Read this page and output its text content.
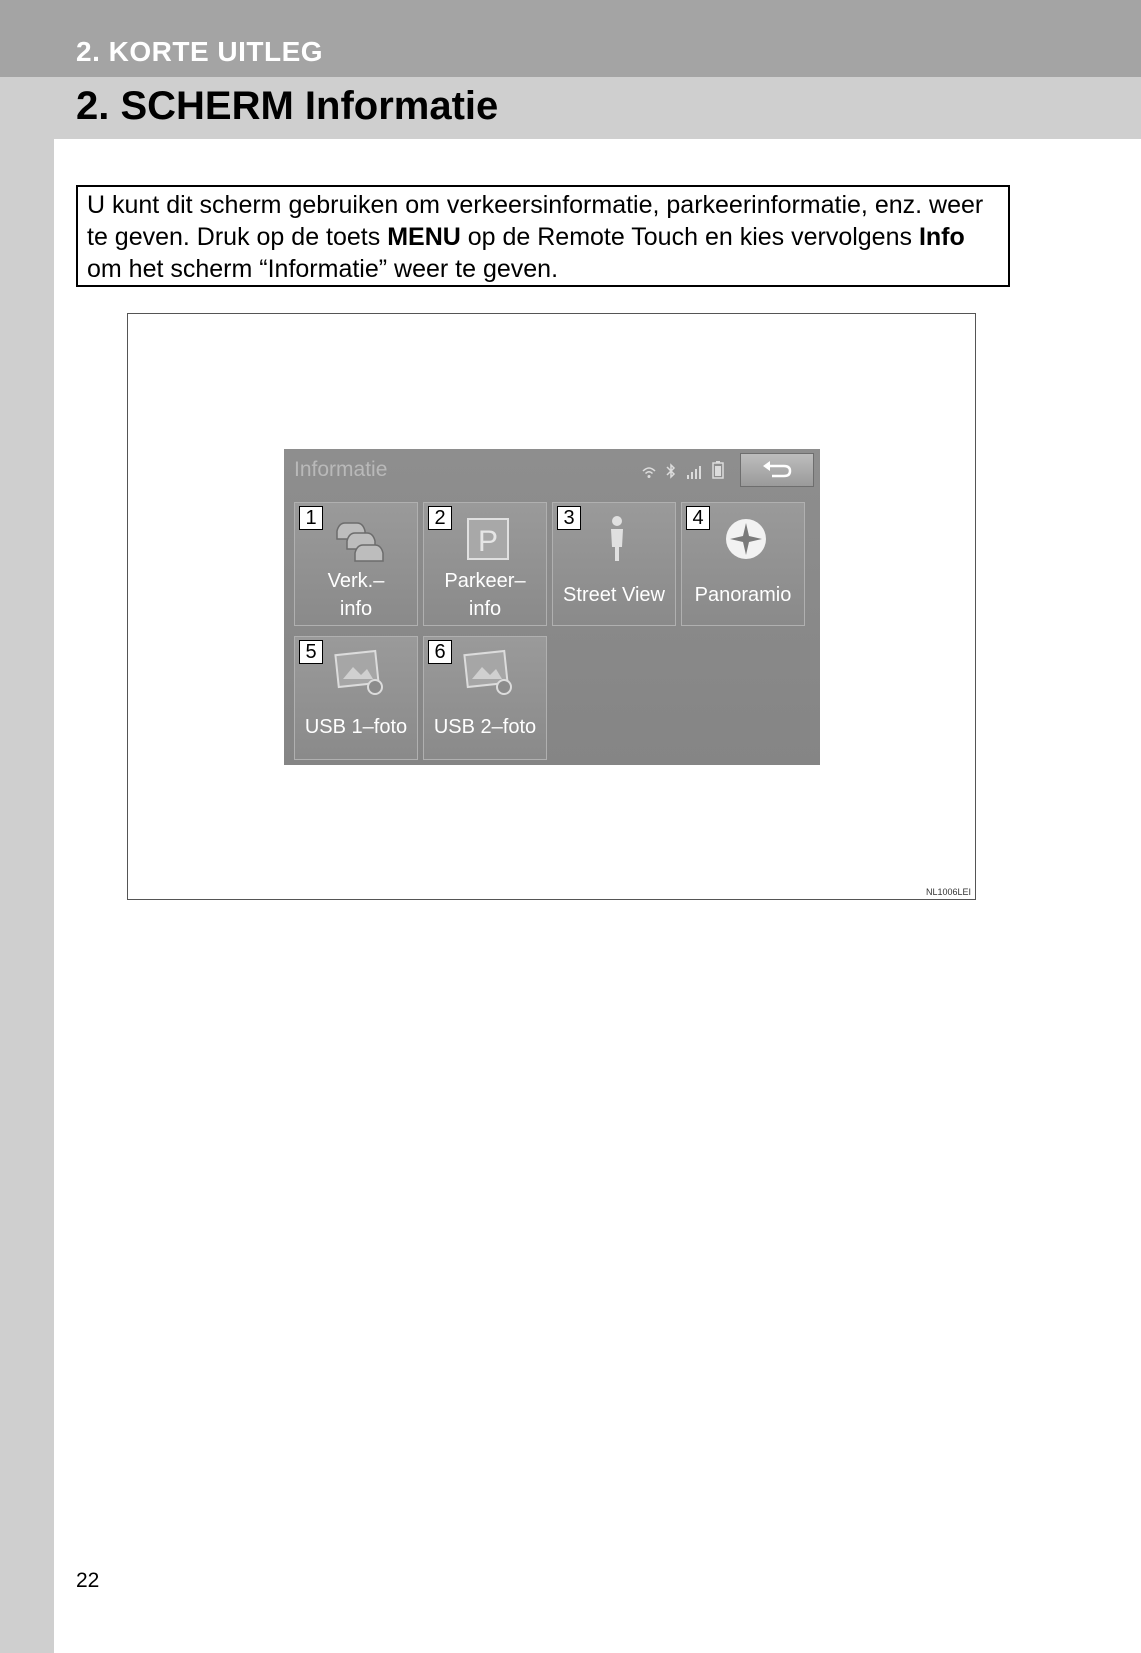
2. KORTE UITLEG
2. SCHERM Informatie
U kunt dit scherm gebruiken om verkeersinformatie, parkeerinformatie, enz. weer te geven. Druk op de toets MENU op de Remote Touch en kies vervolgens Info om het scherm “Informatie” weer te geven.
Informatie

1
Verk.–
info
P
2
Parkeer–
info
3
Street View
4
Panoramio
5
USB 1–foto
6
USB 2–foto
NL1006LEI

22
